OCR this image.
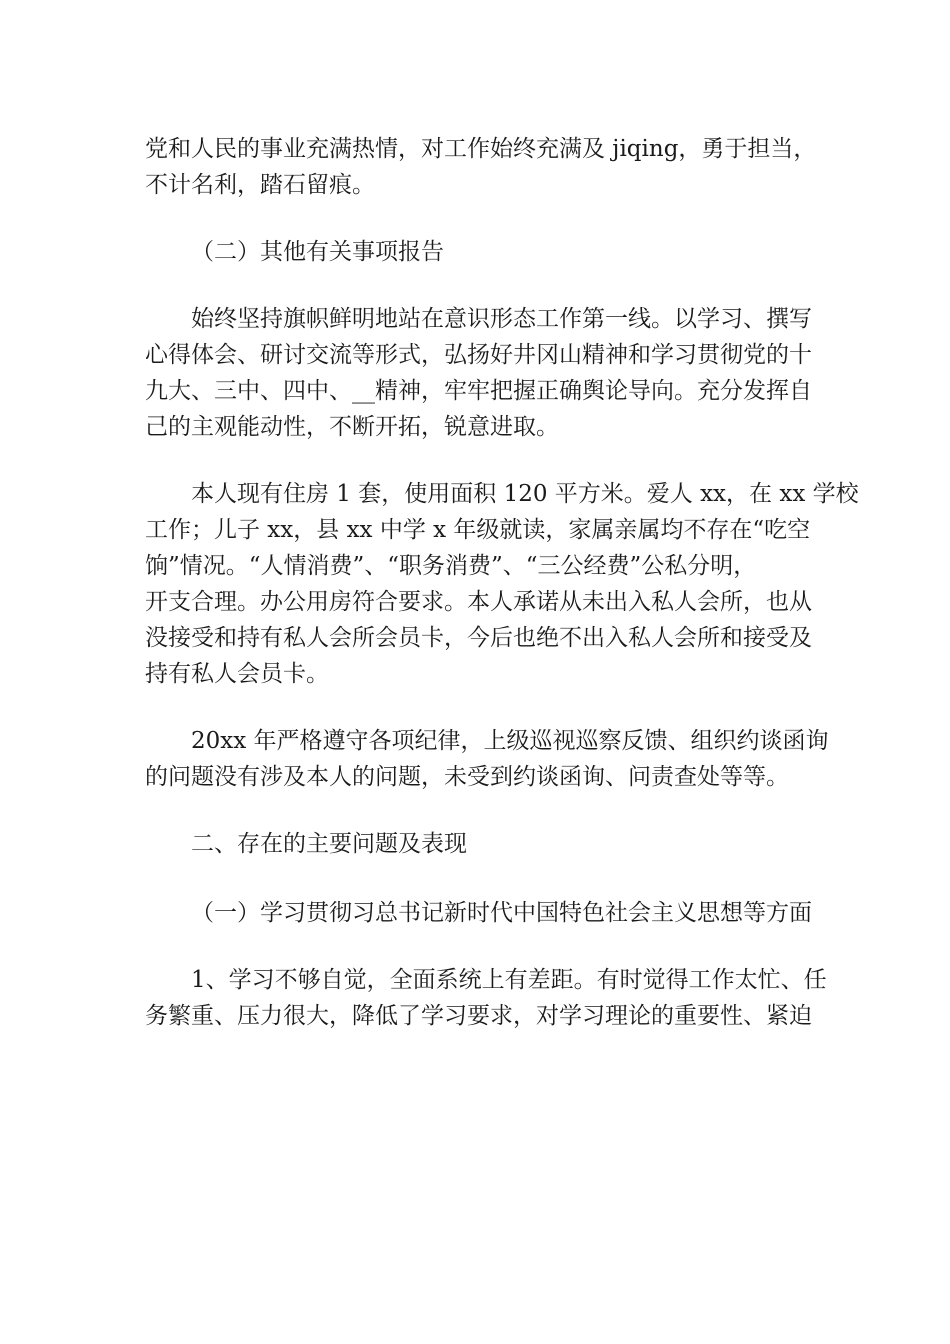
党和人民的事业充满热情，对工作始终充满及 jiqing，勇于担当，
不计名利，踏石留痕。
（二）其他有关事项报告
始终坚持旗帜鲜明地站在意识形态工作第一线。以学习、撰写
心得体会、研讨交流等形式，弘扬好井冈山精神和学习贯彻党的十
九大、三中、四中、__精神，牢牢把握正确舆论导向。充分发挥自
己的主观能动性，不断开拓，锐意进取。
本人现有住房 1 套，使用面积 120 平方米。爱人 xx，在 xx 学校
工作；儿子 xx，县 xx 中学 x 年级就读，家属亲属均不存在“吃空
饷”情况。“人情消费”、“职务消费”、“三公经费”公私分明，
开支合理。办公用房符合要求。本人承诺从未出入私人会所，也从
没接受和持有私人会所会员卡，今后也绝不出入私人会所和接受及
持有私人会员卡。
20xx 年严格遵守各项纪律，上级巡视巡察反馈、组织约谈函询
的问题没有涉及本人的问题，未受到约谈函询、问责查处等等。
二、存在的主要问题及表现
（一）学习贯彻习总书记新时代中国特色社会主义思想等方面
1、学习不够自觉，全面系统上有差距。有时觉得工作太忙、任
务繁重、压力很大，降低了学习要求，对学习理论的重要性、紧迫
